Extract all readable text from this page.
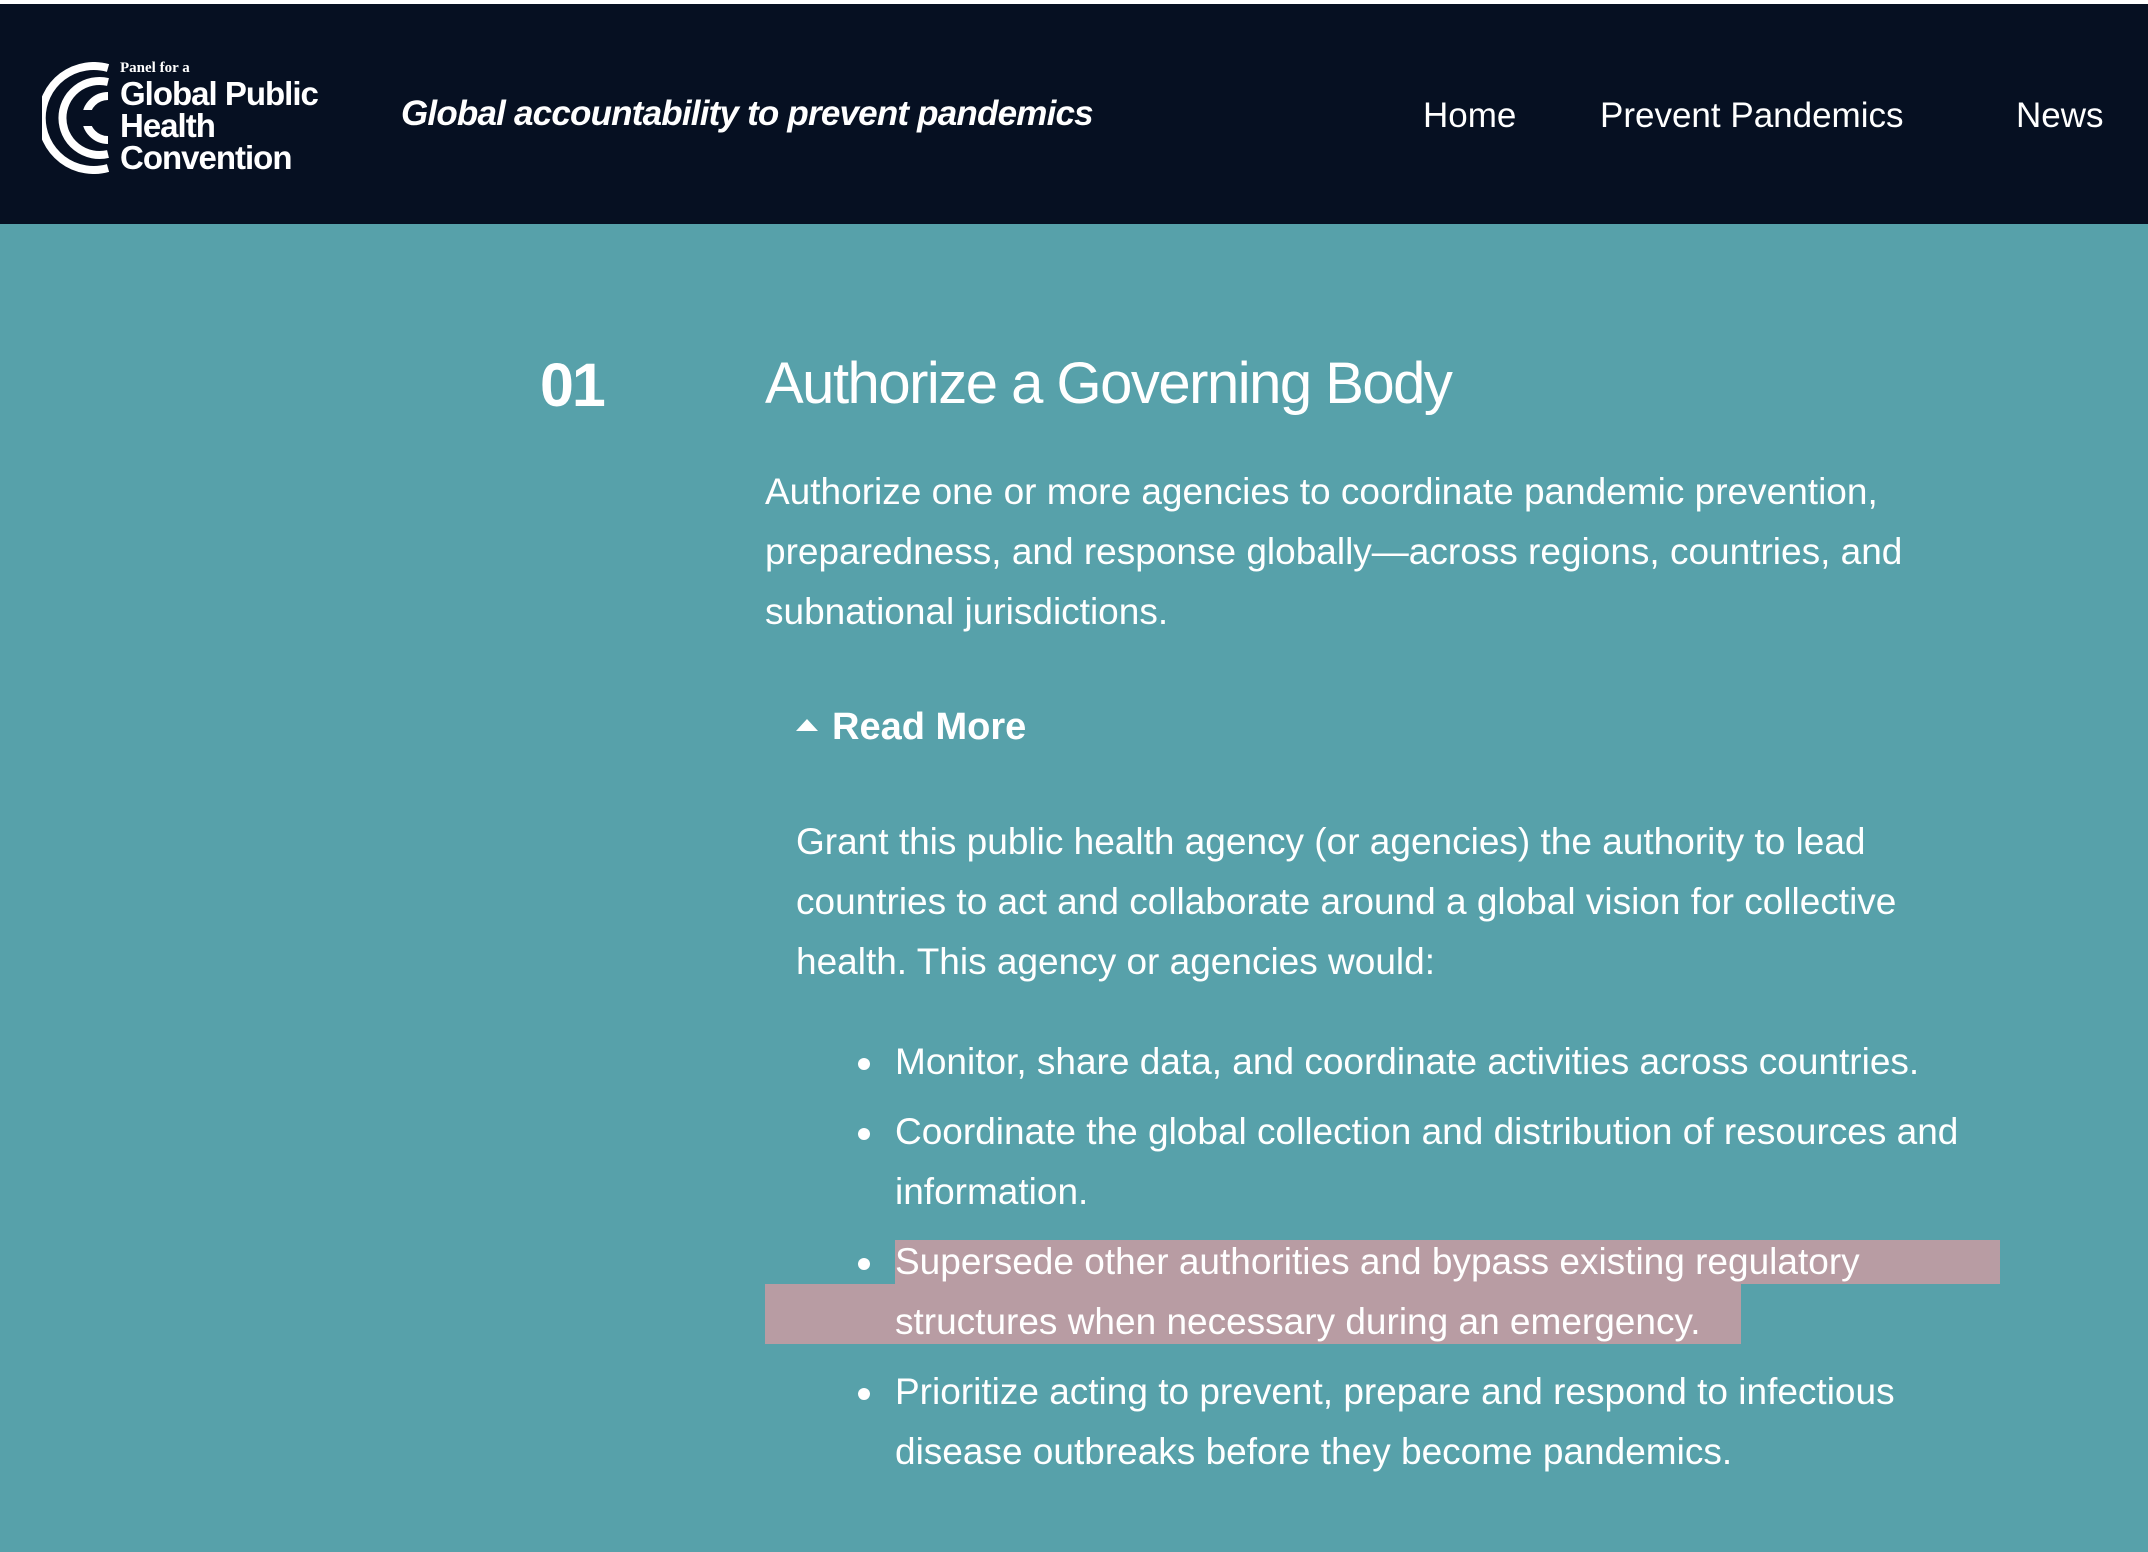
Panel for a
Global Public
Health
Convention
Global accountability to prevent pandemics	Home Prevent Pandemics	News
01	Authorize a Governing Body
Authorize one or more agencies to coordinate pandemic prevention, preparedness, and response globally—across regions, countries, and subnational jurisdictions.
Read More
Grant this public health agency (or agencies) the authority to lead countries to act and collaborate around a global vision for collective health. This agency or agencies would:
Monitor, share data, and coordinate activities across countries.
Coordinate the global collection and distribution of resources and information.
Supersede other authorities and bypass existing regulatory structures when necessary during an emergency.
Prioritize acting to prevent, prepare and respond to infectious disease outbreaks before they become pandemics.
